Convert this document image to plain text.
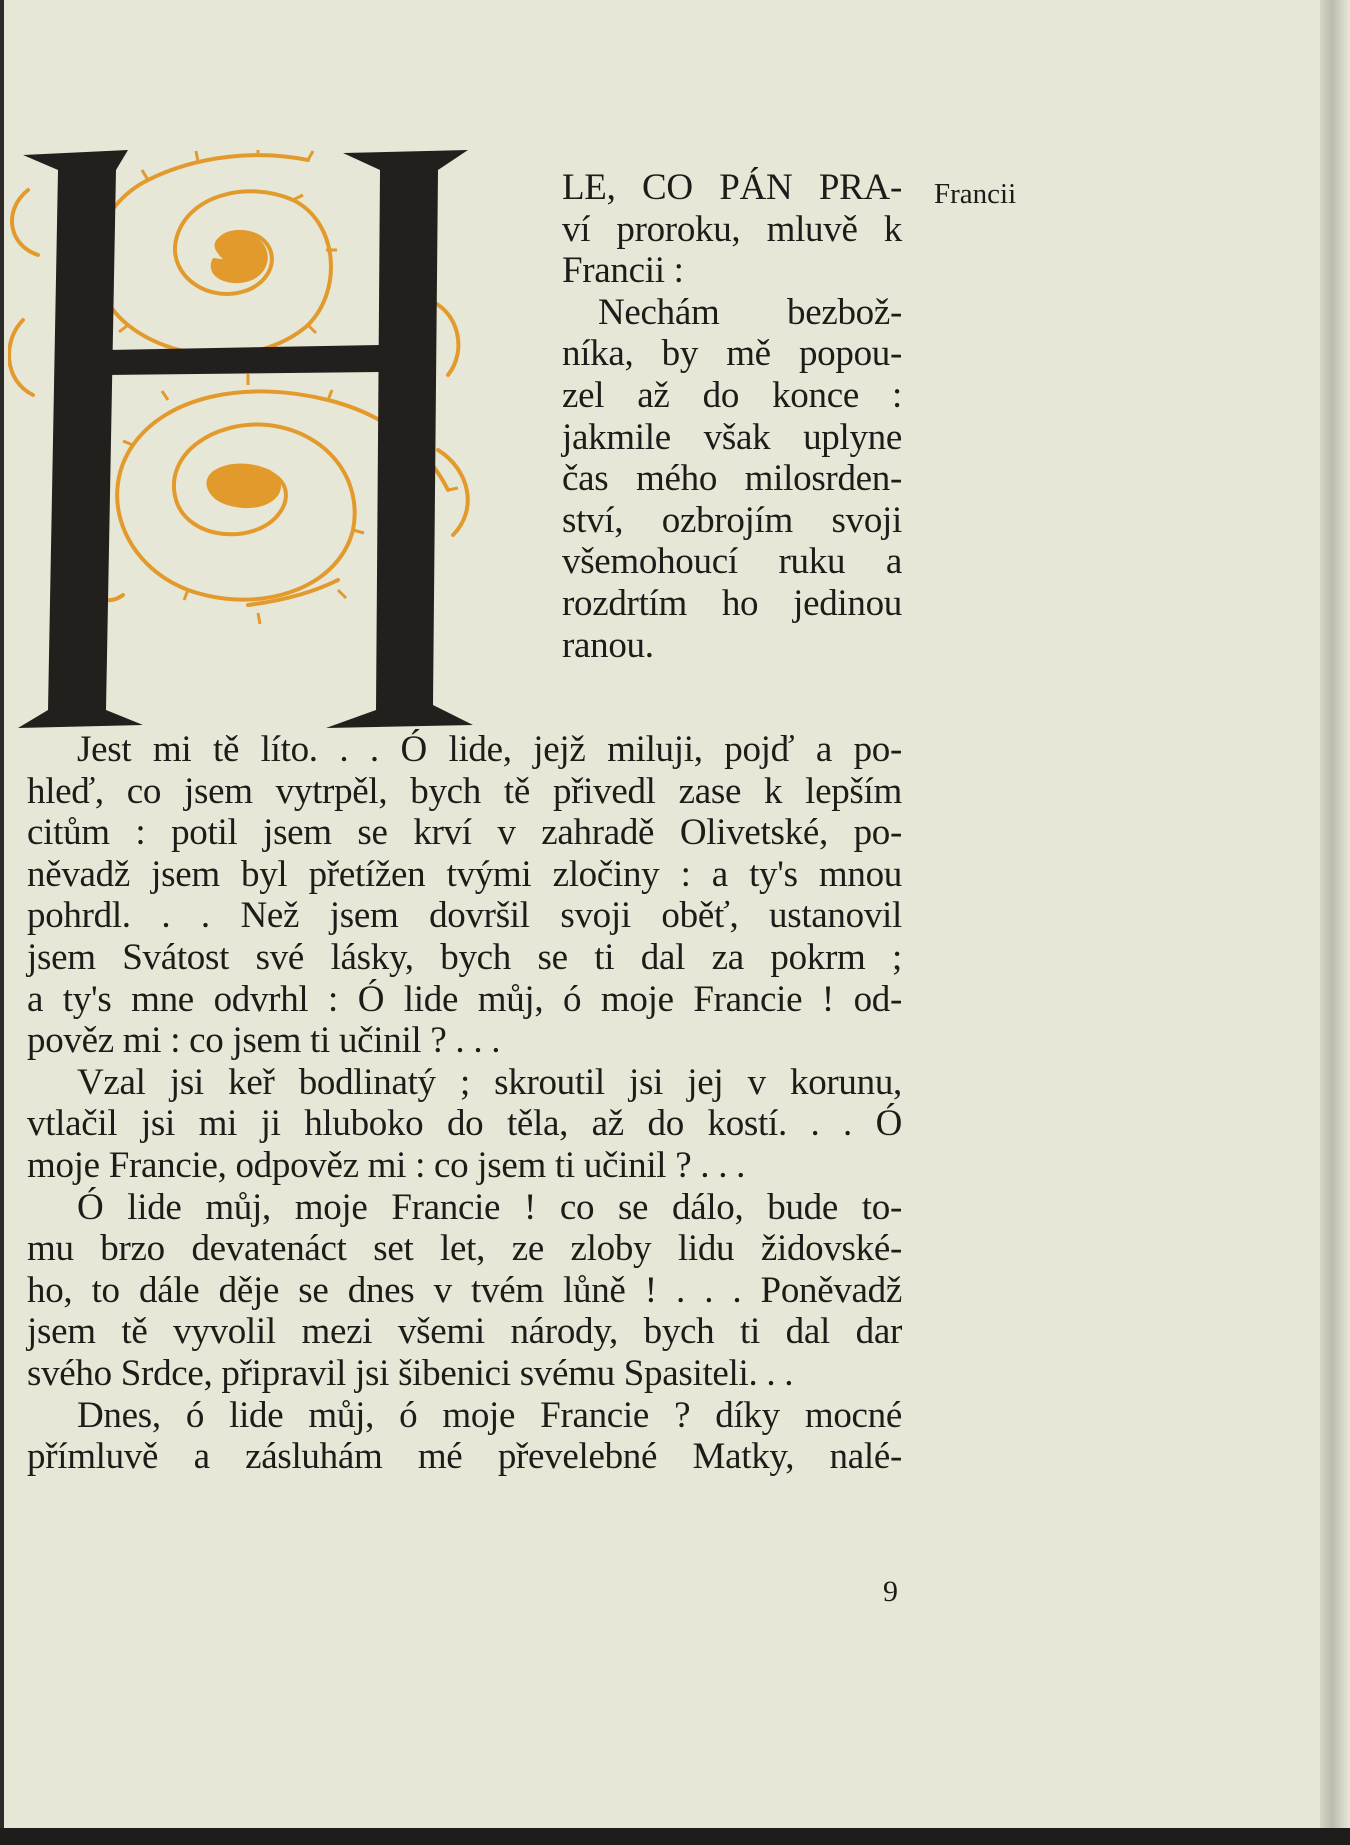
Francii
LE, CO PÁN PRA-
ví proroku, mluvě k
Francii :
Nechám bezbož-
níka, by mě popou-
zel až do konce :
jakmile však uplyne
čas mého milosrden-
ství, ozbrojím svoji
všemohoucí ruku a
rozdrtím ho jedinou
ranou.
Jest mi tě líto. . . Ó lide, jejž miluji, pojď a po-
hleď, co jsem vytrpěl, bych tě přivedl zase k lepším
citům : potil jsem se krví v zahradě Olivetské, po-
něvadž jsem byl přetížen tvými zločiny : a ty's mnou
pohrdl. . . Než jsem dovršil svoji oběť, ustanovil
jsem Svátost své lásky, bych se ti dal za pokrm ;
a ty's mne odvrhl : Ó lide můj, ó moje Francie ! od-
pověz mi : co jsem ti učinil ? . . .
Vzal jsi keř bodlinatý ; skroutil jsi jej v korunu,
vtlačil jsi mi ji hluboko do těla, až do kostí. . . Ó
moje Francie, odpověz mi : co jsem ti učinil ? . . .
Ó lide můj, moje Francie ! co se dálo, bude to-
mu brzo devatenáct set let, ze zloby lidu židovské-
ho, to dále děje se dnes v tvém lůně ! . . . Poněvadž
jsem tě vyvolil mezi všemi národy, bych ti dal dar
svého Srdce, připravil jsi šibenici svému Spasiteli. . .
Dnes, ó lide můj, ó moje Francie ? díky mocné
přímluvě a zásluhám mé převelebné Matky, nalé-
9
